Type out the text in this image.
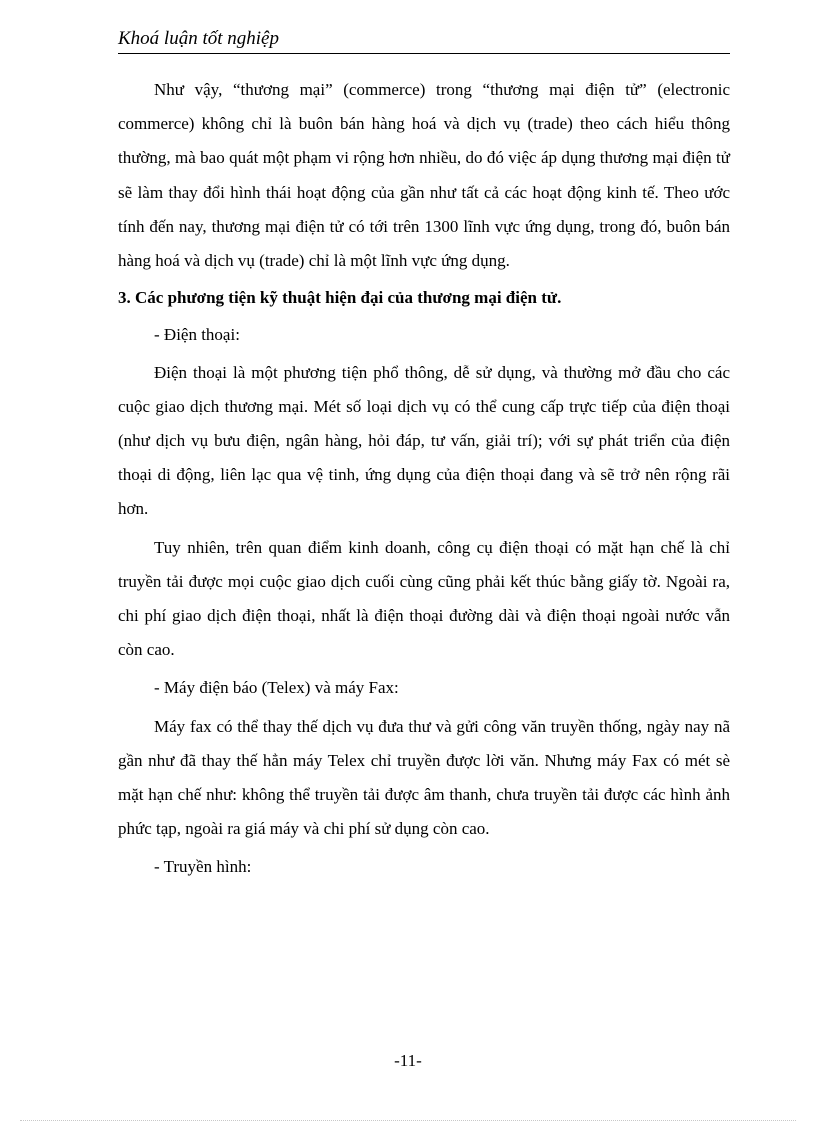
Khoá luận tốt nghiệp

Như vậy, “thương mại” (commerce) trong “thương mại điện tử” (electronic commerce) không chỉ là buôn bán hàng hoá và dịch vụ (trade) theo cách hiểu thông thường, mà bao quát một phạm vi rộng hơn nhiều, do đó việc áp dụng thương mại điện tử sẽ làm thay đổi hình thái hoạt động của gần như tất cả các hoạt động kinh tế. Theo ước tính đến nay, thương mại điện tử có tới trên 1300 lĩnh vực ứng dụng, trong đó, buôn bán hàng hoá và dịch vụ (trade) chỉ là một lĩnh vực ứng dụng.

3. Các phương tiện kỹ thuật hiện đại của thương mại điện tử.

- Điện thoại:

Điện thoại là một phương tiện phổ thông, dễ sử dụng, và thường mở đầu cho các cuộc giao dịch thương mại. Mét số loại dịch vụ có thể cung cấp trực tiếp của điện thoại (như dịch vụ bưu điện, ngân hàng, hỏi đáp, tư vấn, giải trí); với sự phát triển của điện thoại di động, liên lạc qua vệ tinh, ứng dụng của điện thoại đang và sẽ trở nên rộng rãi hơn.

Tuy nhiên, trên quan điểm kinh doanh, công cụ điện thoại có mặt hạn chế là chỉ truyền tải được mọi cuộc giao dịch cuối cùng cũng phải kết thúc bằng giấy tờ. Ngoài ra, chi phí giao dịch điện thoại, nhất là điện thoại đường dài và điện thoại ngoài nước vẫn còn cao.

- Máy điện báo (Telex) và máy Fax:

Máy fax có thể thay thế dịch vụ đưa thư và gửi công văn truyền thống, ngày nay nã gần như đã thay thế hẳn máy Telex chỉ truyền được lời văn. Nhưng máy Fax có mét sè mặt hạn chế như: không thể truyền tải được âm thanh, chưa truyền tải được các hình ảnh phức tạp, ngoài ra giá máy và chi phí sử dụng còn cao.

- Truyền hình:

-11-
